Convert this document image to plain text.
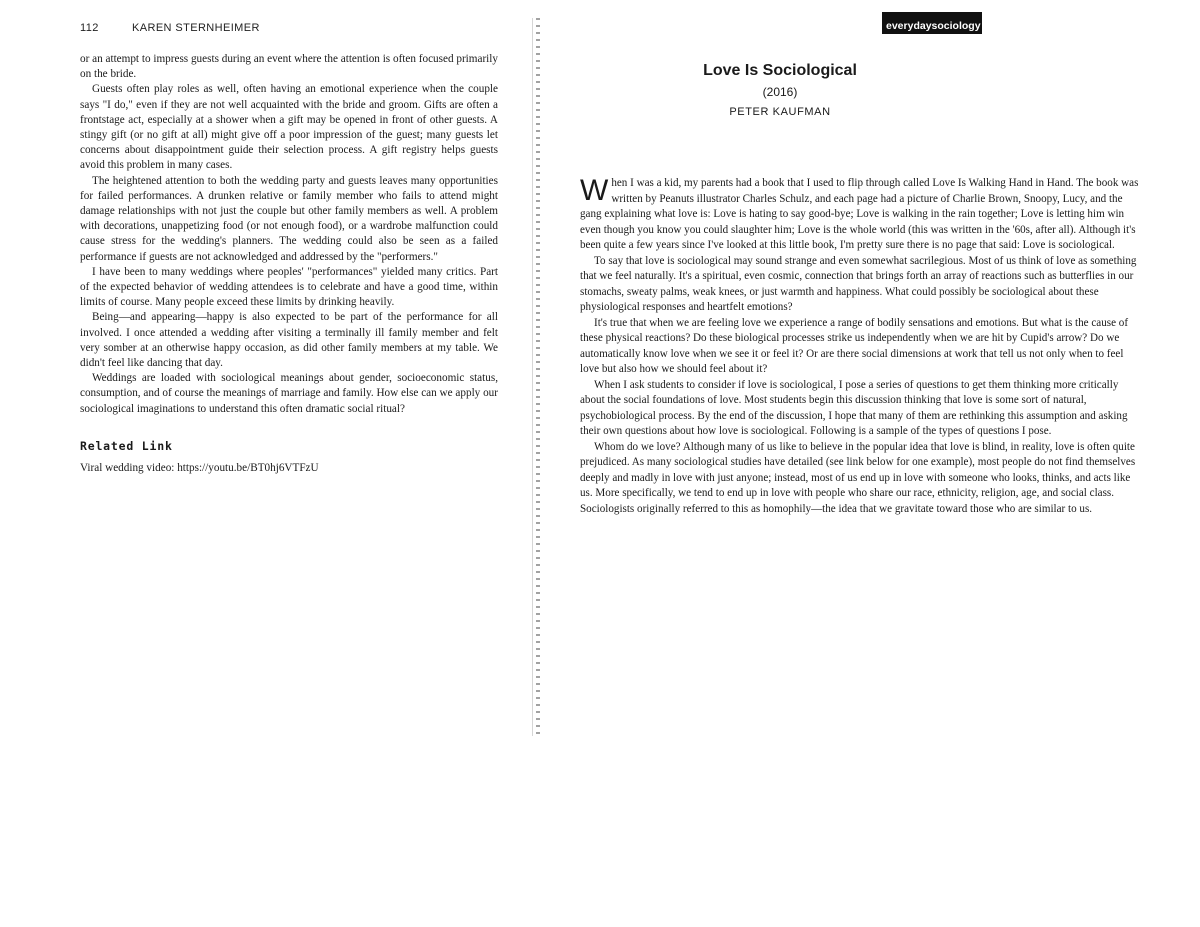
112	KAREN STERNHEIMER

or an attempt to impress guests during an event where the attention is often focused primarily on the bride.

Guests often play roles as well, often having an emotional experience when the couple says "I do," even if they are not well acquainted with the bride and groom. Gifts are often a frontstage act, especially at a shower when a gift may be opened in front of other guests. A stingy gift (or no gift at all) might give off a poor impression of the guest; many guests let concerns about disappointment guide their selection process. A gift registry helps guests avoid this problem in many cases.

The heightened attention to both the wedding party and guests leaves many opportunities for failed performances. A drunken relative or family member who fails to attend might damage relationships with not just the couple but other family members as well. A problem with decorations, unappetizing food (or not enough food), or a wardrobe malfunction could cause stress for the wedding's planners. The wedding could also be seen as a failed performance if guests are not acknowledged and addressed by the "performers."

I have been to many weddings where peoples' "performances" yielded many critics. Part of the expected behavior of wedding attendees is to celebrate and have a good time, within limits of course. Many people exceed these limits by drinking heavily.

Being—and appearing—happy is also expected to be part of the performance for all involved. I once attended a wedding after visiting a terminally ill family member and felt very somber at an otherwise happy occasion, as did other family members at my table. We didn't feel like dancing that day.

Weddings are loaded with sociological meanings about gender, socioeconomic status, consumption, and of course the meanings of marriage and family. How else can we apply our sociological imaginations to understand this often dramatic social ritual?

Related Link
Viral wedding video: https://youtu.be/BT0hj6VTFzU
everydaysociology
Love Is Sociological
(2016)
PETER KAUFMAN

When I was a kid, my parents had a book that I used to flip through called Love Is Walking Hand in Hand. The book was written by Peanuts illustrator Charles Schulz, and each page had a picture of Charlie Brown, Snoopy, Lucy, and the gang explaining what love is: Love is hating to say good-bye; Love is walking in the rain together; Love is letting him win even though you know you could slaughter him; Love is the whole world (this was written in the '60s, after all). Although it's been quite a few years since I've looked at this little book, I'm pretty sure there is no page that said: Love is sociological.

To say that love is sociological may sound strange and even somewhat sacrilegious. Most of us think of love as something that we feel naturally. It's a spiritual, even cosmic, connection that brings forth an array of reactions such as butterflies in our stomachs, sweaty palms, weak knees, or just warmth and happiness. What could possibly be sociological about these physiological responses and heartfelt emotions?

It's true that when we are feeling love we experience a range of bodily sensations and emotions. But what is the cause of these physical reactions? Do these biological processes strike us independently when we are hit by Cupid's arrow? Do we automatically know love when we see it or feel it? Or are there social dimensions at work that tell us not only when to feel love but also how we should feel about it?

When I ask students to consider if love is sociological, I pose a series of questions to get them thinking more critically about the social foundations of love. Most students begin this discussion thinking that love is some sort of natural, psychobiological process. By the end of the discussion, I hope that many of them are rethinking this assumption and asking their own questions about how love is sociological. Following is a sample of the types of questions I pose.

Whom do we love? Although many of us like to believe in the popular idea that love is blind, in reality, love is often quite prejudiced. As many sociological studies have detailed (see link below for one example), most people do not find themselves deeply and madly in love with just anyone; instead, most of us end up in love with someone who looks, thinks, and acts like us. More specifically, we tend to end up in love with people who share our race, ethnicity, religion, age, and social class. Sociologists originally referred to this as homophily—the idea that we gravitate toward those who are similar to us.
